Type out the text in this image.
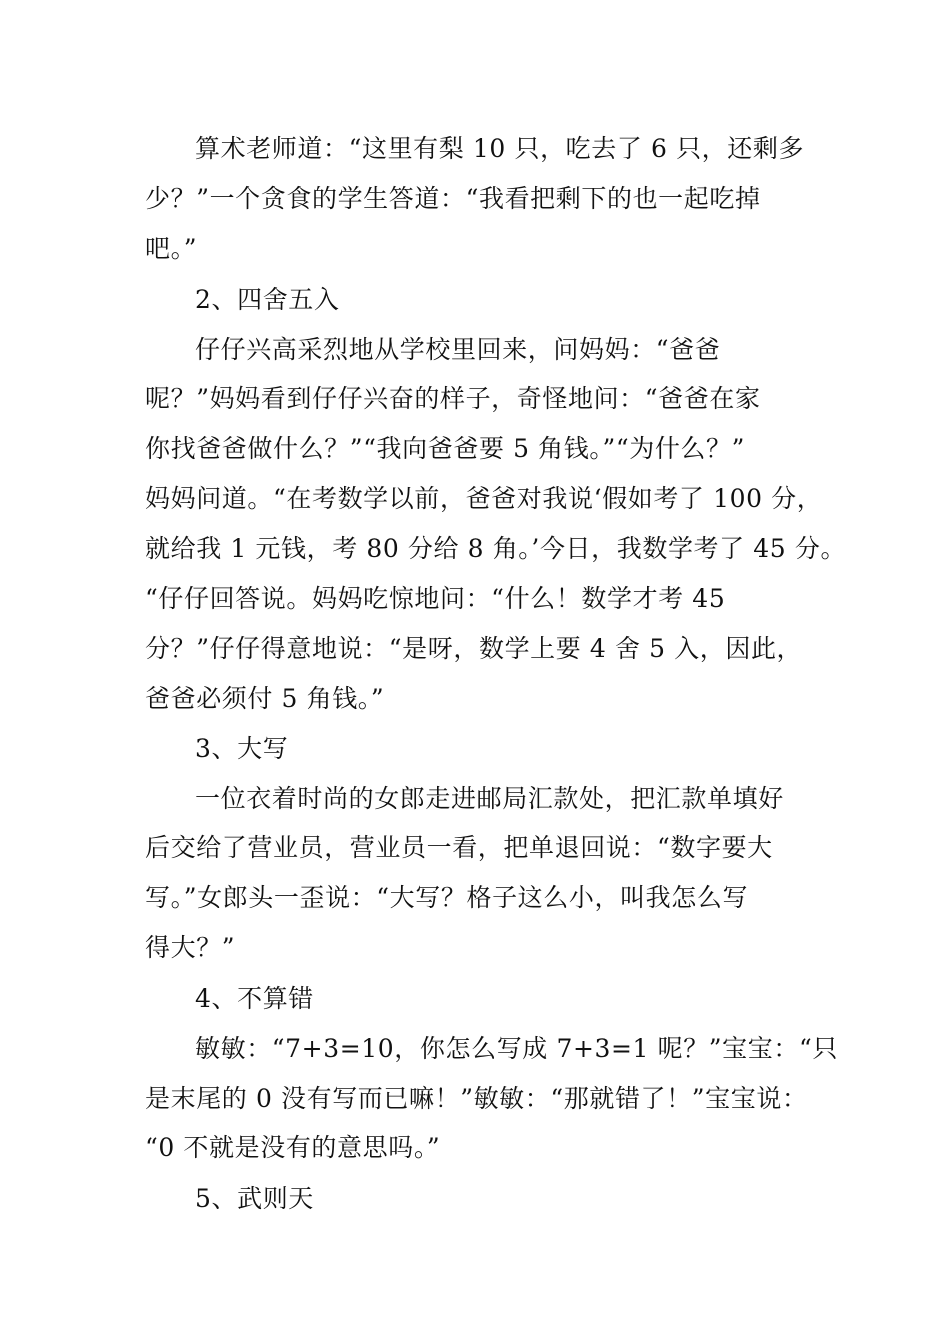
算术老师道：“这里有梨 10 只，吃去了 6 只，还剩多
少？”一个贪食的学生答道：“我看把剩下的也一起吃掉
吧。”
2、四舍五入
仔仔兴高采烈地从学校里回来，问妈妈：“爸爸
呢？”妈妈看到仔仔兴奋的样子，奇怪地问：“爸爸在家
你找爸爸做什么？”“我向爸爸要 5 角钱。”“为什么？”
妈妈问道。“在考数学以前，爸爸对我说‘假如考了 100 分，
就给我 1 元钱，考 80 分给 8 角。’今日，我数学考了 45 分。
“仔仔回答说。妈妈吃惊地问：“什么！数学才考 45
分？”仔仔得意地说：“是呀，数学上要 4 舍 5 入，因此，
爸爸必须付 5 角钱。”
3、大写
一位衣着时尚的女郎走进邮局汇款处，把汇款单填好
后交给了营业员，营业员一看，把单退回说：“数字要大
写。”女郎头一歪说：“大写？格子这么小，叫我怎么写
得大？”
4、不算错
敏敏：“7+3=10，你怎么写成 7+3=1 呢？”宝宝：“只
是末尾的 0 没有写而已嘛！”敏敏：“那就错了！”宝宝说：
“0 不就是没有的意思吗。”
5、武则天
